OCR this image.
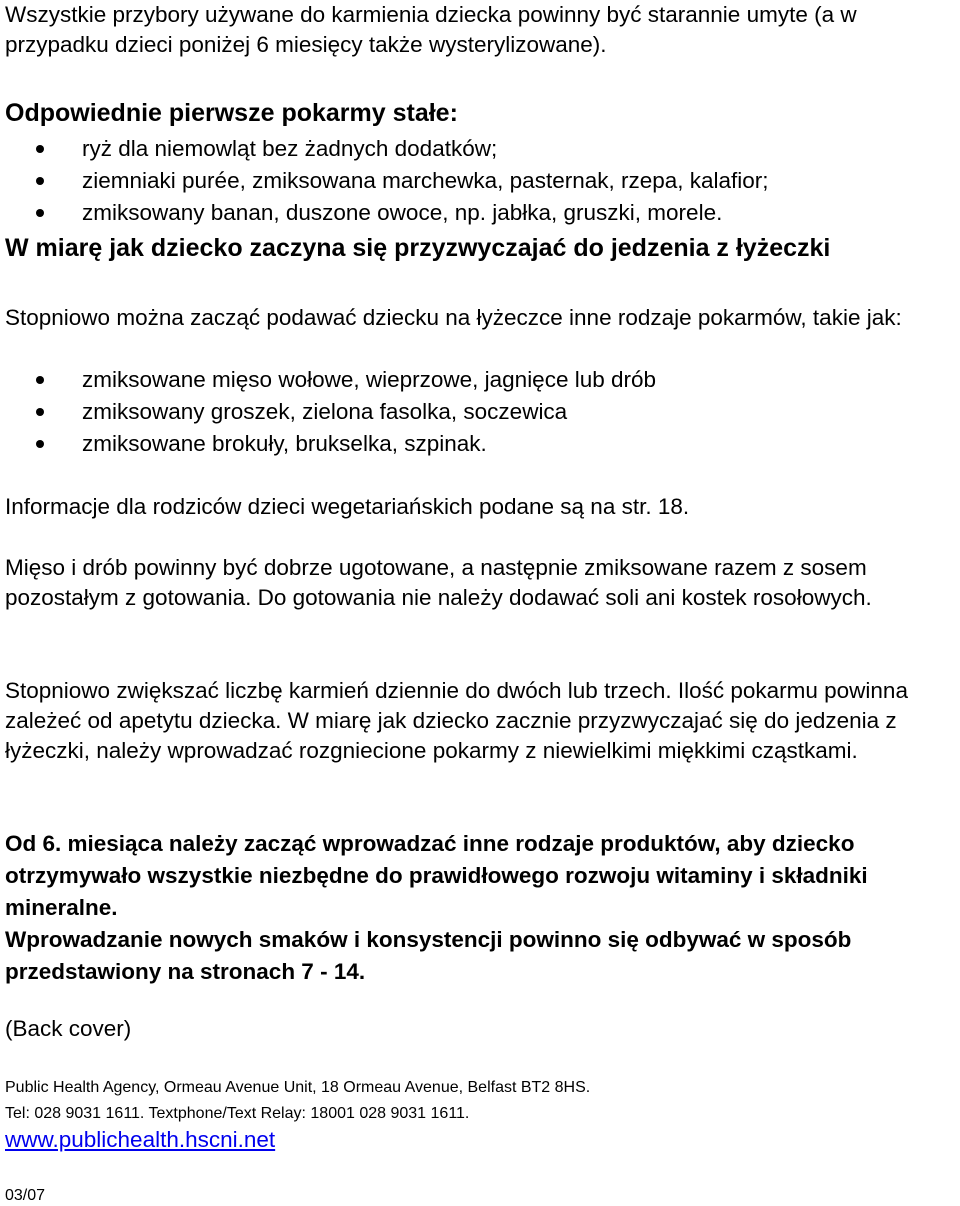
Wszystkie przybory używane do karmienia dziecka powinny być starannie umyte (a w przypadku dzieci poniżej 6 miesięcy także wysterylizowane).

Odpowiednie pierwsze pokarmy stałe:
ryż dla niemowląt bez żadnych dodatków;
ziemniaki purée, zmiksowana marchewka, pasternak, rzepa, kalafior;
zmiksowany banan, duszone owoce, np. jabłka, gruszki, morele.
W miarę jak dziecko zaczyna się przyzwyczajać do jedzenia z łyżeczki

Stopniowo można zacząć podawać dziecku na łyżeczce inne rodzaje pokarmów, takie jak:

zmiksowane mięso wołowe, wieprzowe, jagnięce lub drób
zmiksowany groszek, zielona fasolka, soczewica
zmiksowane brokuły, brukselka, szpinak.

Informacje dla rodziców dzieci wegetariańskich podane są na str. 18.

Mięso i drób powinny być dobrze ugotowane, a następnie zmiksowane razem z sosem pozostałym z gotowania. Do gotowania nie należy dodawać soli ani kostek rosołowych.

Stopniowo zwiększać liczbę karmień dziennie do dwóch lub trzech. Ilość pokarmu powinna zależeć od apetytu dziecka. W miarę jak dziecko zacznie przyzwyczajać się do jedzenia z łyżeczki, należy wprowadzać rozgniecione pokarmy z niewielkimi miękkimi cząstkami.

Od 6. miesiąca należy zacząć wprowadzać inne rodzaje produktów, aby dziecko otrzymywało wszystkie niezbędne do prawidłowego rozwoju witaminy i składniki mineralne.

Wprowadzanie nowych smaków i konsystencji powinno się odbywać w sposób przedstawiony na stronach 7 - 14.

(Back cover)

Public Health Agency, Ormeau Avenue Unit, 18 Ormeau Avenue, Belfast BT2 8HS.

Tel: 028 9031 1611. Textphone/Text Relay: 18001 028 9031 1611.

www.publichealth.hscni.net

03/07
